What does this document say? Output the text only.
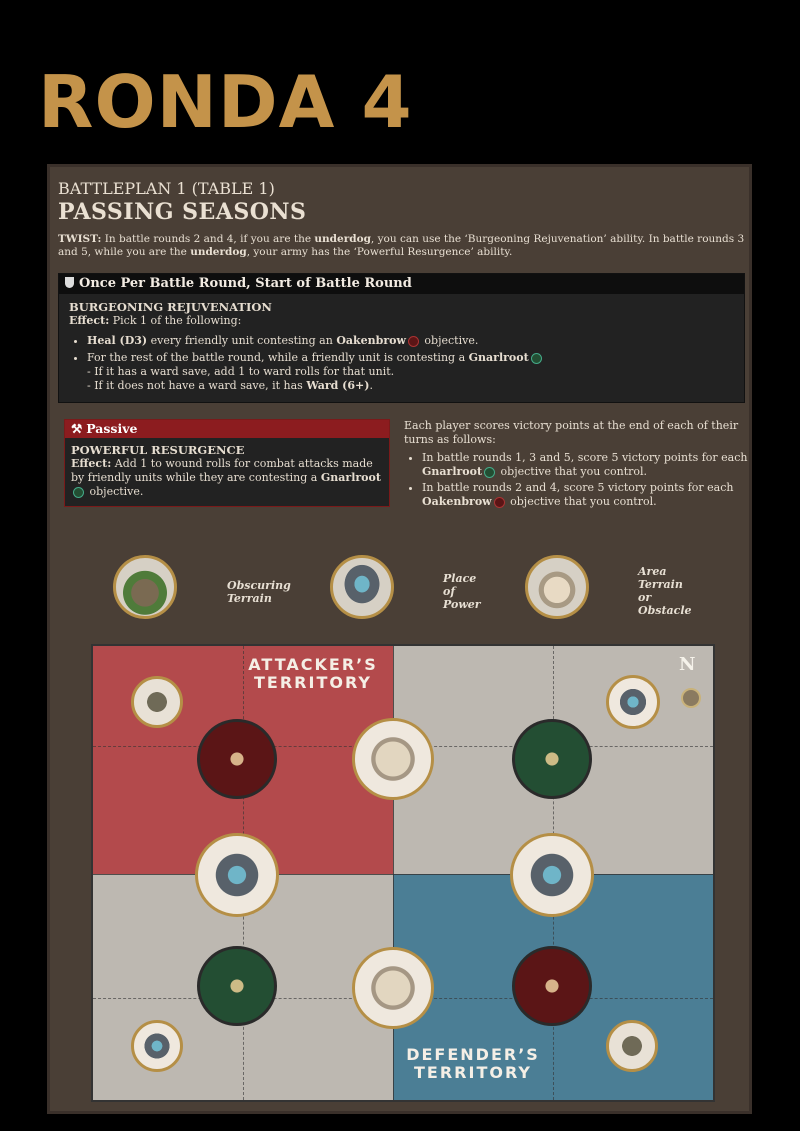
RONDA 4
BATTLEPLAN 1 (TABLE 1)
PASSING SEASONS
TWIST: In battle rounds 2 and 4, if you are the underdog, you can use the ‘Burgeoning Rejuvenation’ ability. In battle rounds 3 and 5, while you are the underdog, your army has the ‘Powerful Resurgence’ ability.
Once Per Battle Round, Start of Battle Round
BURGEONING REJUVENATION
Effect: Pick 1 of the following:
• Heal (D3) every friendly unit contesting an Oakenbrow objective.
• For the rest of the battle round, while a friendly unit is contesting a Gnarlroot
- If it has a ward save, add 1 to ward rolls for that unit.
- If it does not have a ward save, it has Ward (6+).
⚒ Passive
POWERFUL RESURGENCE
Effect: Add 1 to wound rolls for combat attacks made by friendly units while they are contesting a Gnarlroot objective.
Each player scores victory points at the end of each of their turns as follows:
• In battle rounds 1, 3 and 5, score 5 victory points for each Gnarlroot objective that you control.
• In battle rounds 2 and 4, score 5 victory points for each Oakenbrow objective that you control.
Obscuring Terrain
Place of Power
Area Terrain or Obstacle
ATTACKER’S TERRITORY
DEFENDER’S TERRITORY
N
